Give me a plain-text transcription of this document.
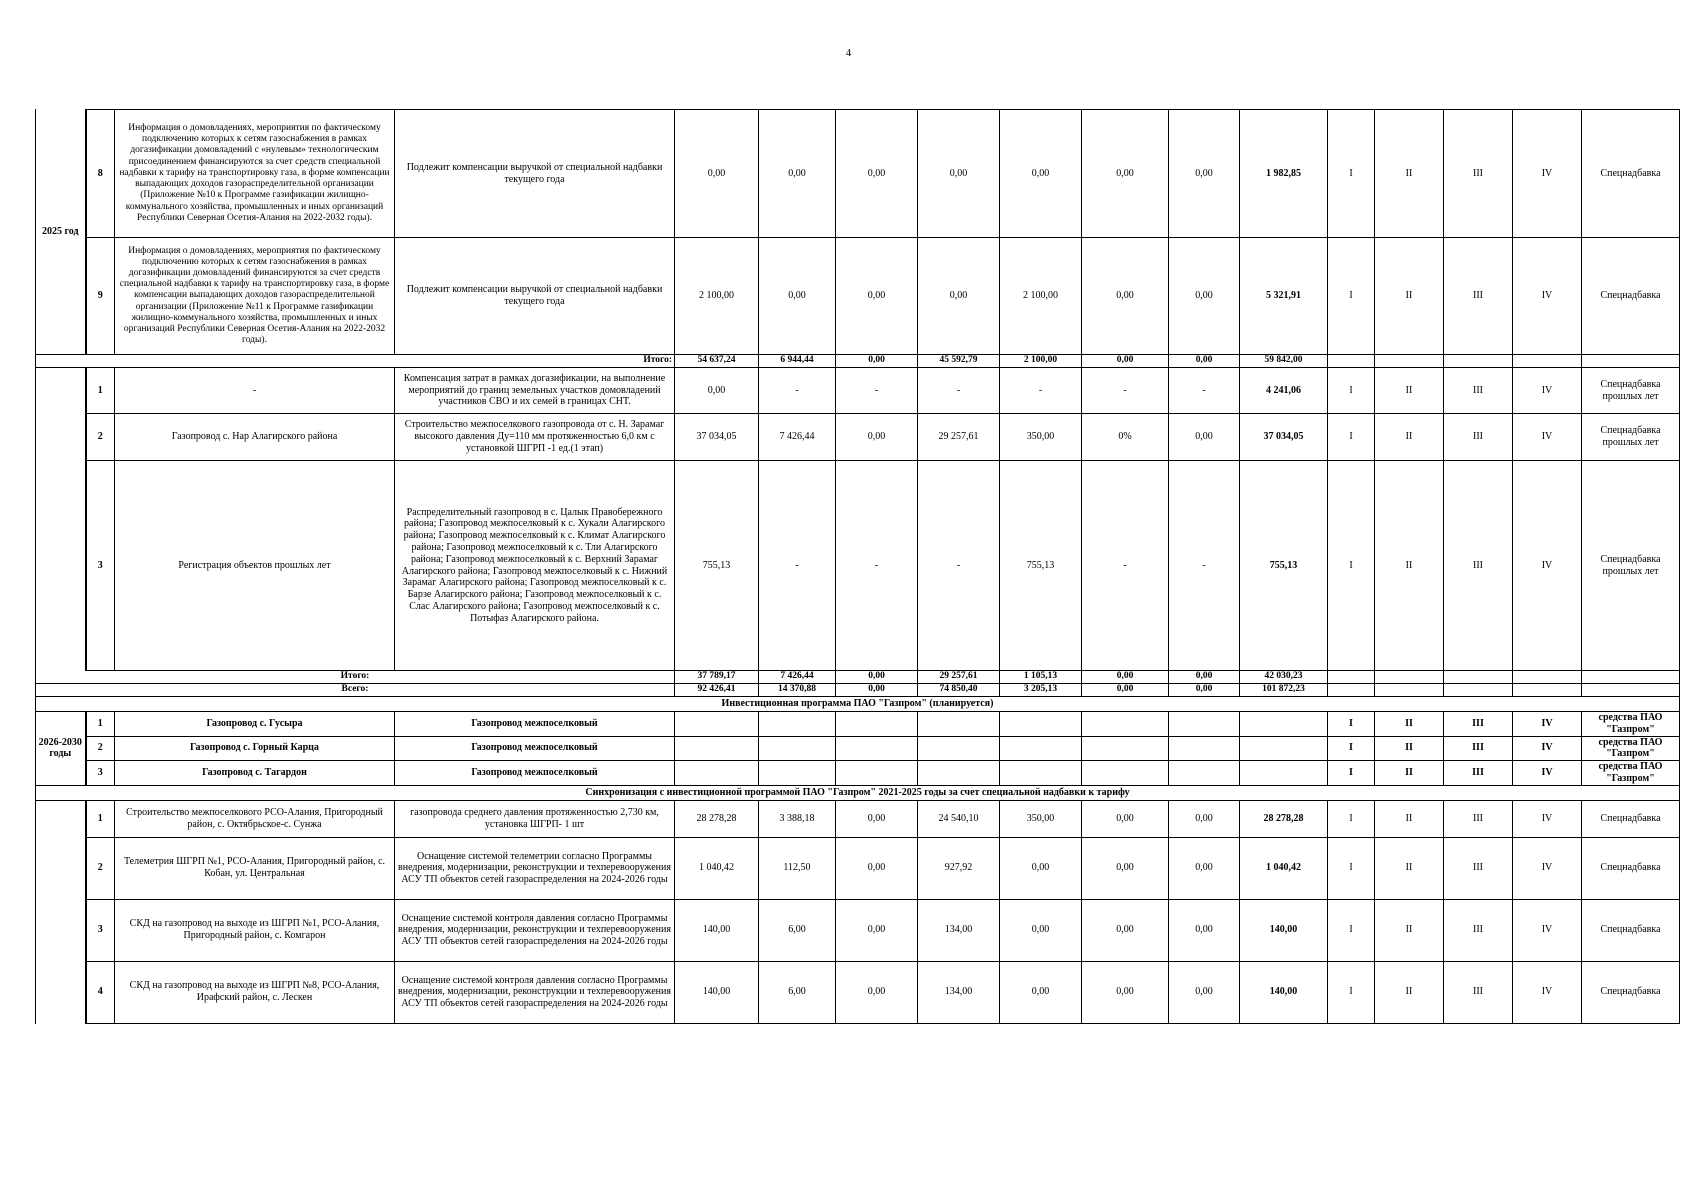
4
2025 год	8	Информация о домовладениях, мероприятия по фактическому подключению которых к сетям газоснабжения в рамках догазификации домовладений с «нулевым» технологическим присоединением финансируются за счет средств специальной надбавки к тарифу на транспортировку газа, в форме компенсации выпадающих доходов газораспределительной организации (Приложение №10 к Программе газификации жилищно-коммунального хозяйства, промышленных и иных организаций Республики Северная Осетия-Алания на 2022-2032 годы).	Подлежит компенсации выручкой от специальной надбавки текущего года	0,00	0,00	0,00	0,00	0,00	0,00	0,00	1 982,85	I	II	III	IV	Спецнадбавка
	9	Информация о домовладениях, мероприятия по фактическому подключению которых к сетям газоснабжения в рамках догазификации домовладений финансируются за счет средств специальной надбавки к тарифу на транспортировку газа, в форме компенсации выпадающих доходов газораспределительной организации (Приложение №11 к Программе газификации жилищно-коммунального хозяйства, промышленных и иных организаций Республики Северная Осетия-Алания на 2022-2032 годы).	Подлежит компенсации выручкой от специальной надбавки текущего года	2 100,00	0,00	0,00	0,00	2 100,00	0,00	0,00	5 321,91	I	II	III	IV	Спецнадбавка
Итого:				54 637,24	6 944,44	0,00	45 592,79	2 100,00	0,00	0,00	59 842,00					
	1	-	Компенсация затрат в рамках догазификации, на выполнение мероприятий до границ земельных участков домовладений участников СВО и их семей в границах СНТ.	0,00	-	-	-	-	-	-	4 241,06	I	II	III	IV	Спецнадбавка прошлых лет
	2	Газопровод с. Нар Алагирского района	Строительство межпоселкового газопровода от с. Н. Зарамаг высокого давления Ду=110 мм протяженностью 6,0 км с установкой ШГРП -1 ед.(1 этап)	37 034,05	7 426,44	0,00	29 257,61	350,00	0%	0,00	37 034,05	I	II	III	IV	Спецнадбавка прошлых лет
	3	Регистрация объектов прошлых лет	Распределительный газопровод в с. Цалык Правобережного района; Газопровод межпоселковый к с. Хукали Алагирского района; Газопровод межпоселковый к с. Климат Алагирского района; Газопровод межпоселковый к с. Тли Алагирского района; Газопровод межпоселковый к с. Верхний Зарамаг Алагирского района; Газопровод межпоселковый к с. Нижний Зарамаг Алагирского района; Газопровод межпоселковый к с. Барзе Алагирского района; Газопровод межпоселковый к с. Слас Алагирского района; Газопровод межпоселковый к с. Потыфаз Алагирского района.	755,13	-	-	-	755,13	-	-	755,13	I	II	III	IV	Спецнадбавка прошлых лет
Итого:				37 789,17	7 426,44	0,00	29 257,61	1 105,13	0,00	0,00	42 030,23					
Всего:				92 426,41	14 370,88	0,00	74 850,40	3 205,13	0,00	0,00	101 872,23					
Инвестиционная программа ПАО "Газпром" (планируется)																
2026-2030 годы	1	Газопровод с. Гусыра	Газопровод межпоселковый									I	II	III	IV	средства ПАО "Газпром"
	2	Газопровод с. Горный Карца	Газопровод межпоселковый									I	II	III	IV	средства ПАО "Газпром"
	3	Газопровод с. Тагардон	Газопровод межпоселковый									I	II	III	IV	средства ПАО "Газпром"
Синхронизация с инвестиционной программой ПАО "Газпром" 2021-2025 годы за счет специальной надбавки к тарифу																
	1	Строительство межпоселкового РСО-Алания, Пригородный район, с. Октябрьское-с. Сунжа	газопровода среднего давления протяженностью 2,730 км, установка ШГРП- 1 шт	28 278,28	3 388,18	0,00	24 540,10	350,00	0,00	0,00	28 278,28	I	II	III	IV	Спецнадбавка
	2	Телеметрия ШГРП №1, РСО-Алания, Пригородный район, с. Кобан, ул. Центральная	Оснащение системой телеметрии согласно Программы внедрения, модернизации, реконструкции и техперевооружения АСУ ТП объектов сетей газораспределения на 2024-2026 годы	1 040,42	112,50	0,00	927,92	0,00	0,00	0,00	1 040,42	I	II	III	IV	Спецнадбавка
	3	СКД на газопровод на выходе из ШГРП №1, РСО-Алания, Пригородный район, с. Комгарон	Оснащение системой контроля давления согласно Программы внедрения, модернизации, реконструкции и техперевооружения АСУ ТП объектов сетей газораспределения на 2024-2026 годы	140,00	6,00	0,00	134,00	0,00	0,00	0,00	140,00	I	II	III	IV	Спецнадбавка
	4	СКД на газопровод на выходе из ШГРП №8, РСО-Алания, Ирафский район, с. Лескен	Оснащение системой контроля давления согласно Программы внедрения, модернизации, реконструкции и техперевооружения АСУ ТП объектов сетей газораспределения на 2024-2026 годы	140,00	6,00	0,00	134,00	0,00	0,00	0,00	140,00	I	II	III	IV	Спецнадбавка
